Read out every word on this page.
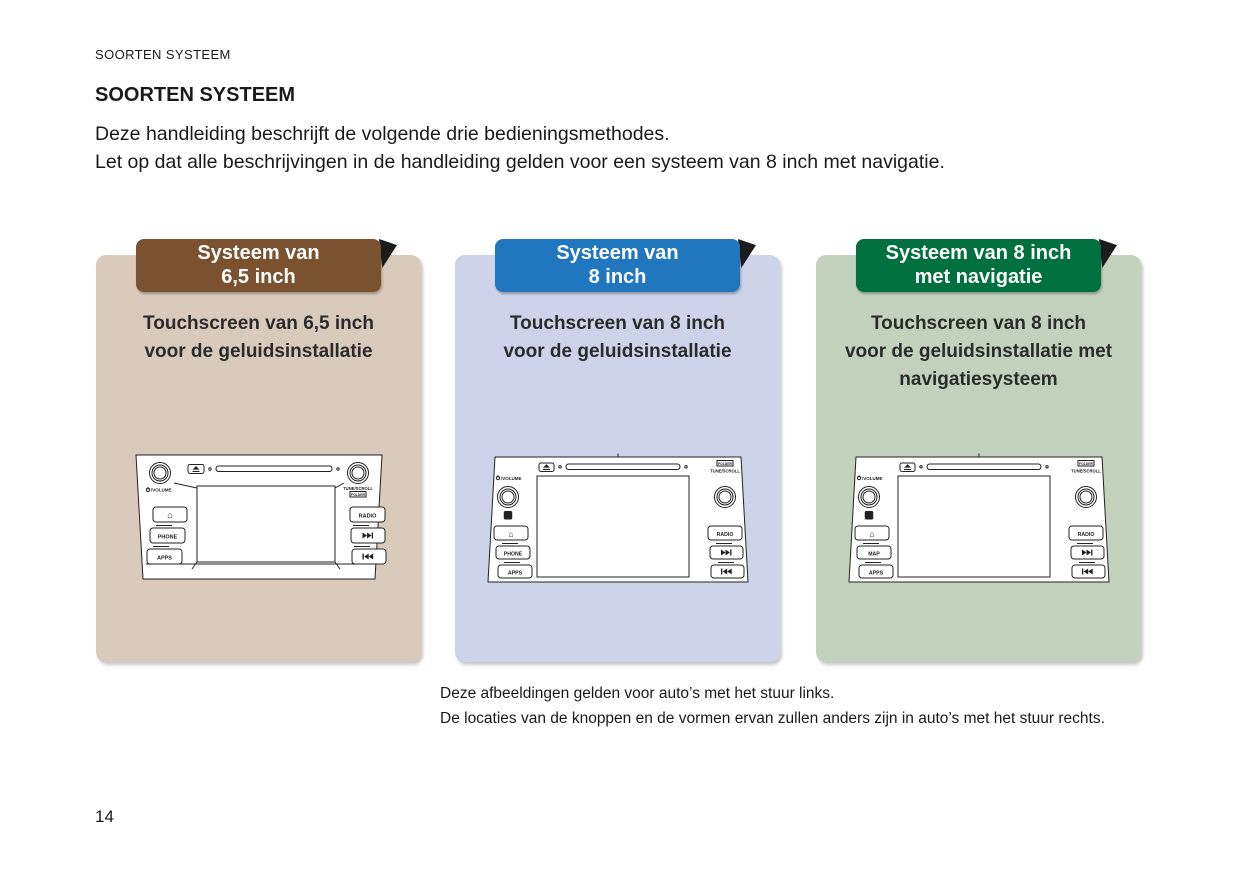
SOORTEN SYSTEEM
SOORTEN SYSTEEM
Deze handleiding beschrijft de volgende drie bedieningsmethodes.
Let op dat alle beschrijvingen in de handleiding gelden voor een systeem van 8 inch met navigatie.
Systeem van
6,5 inch
Touchscreen van 6,5 inch
voor de geluidsinstallatie
/VOLUME	TUNE/SCROLL
FOLDER
⌂
PHONE
APPS
RADIO
Systeem van
8 inch
Touchscreen van 8 inch
voor de geluidsinstallatie
/VOLUME
FOLDER
TUNE/SCROLL
N
⌂
PHONE
APPS
RADIO
Systeem van 8 inch
met navigatie
Touchscreen van 8 inch
voor de geluidsinstallatie met
navigatiesysteem
/VOLUME
FOLDER
TUNE/SCROLL
N
⌂
MAP
APPS
RADIO
Deze afbeeldingen gelden voor auto’s met het stuur links.
De locaties van de knoppen en de vormen ervan zullen anders zijn in auto’s met het stuur rechts.
14
